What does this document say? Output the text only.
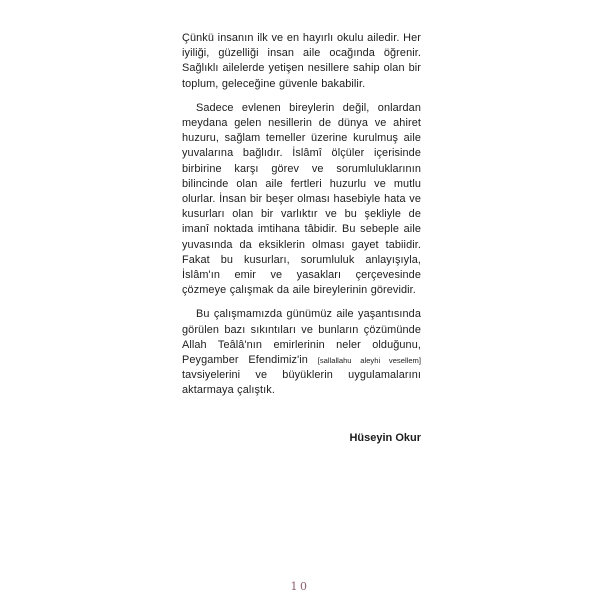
Çünkü insanın ilk ve en hayırlı okulu ailedir. Her iyiliği, güzelliği insan aile ocağında öğrenir. Sağlıklı ailelerde yetişen nesillere sahip olan bir toplum, geleceğine güvenle bakabilir.

Sadece evlenen bireylerin değil, onlardan meydana gelen nesillerin de dünya ve ahiret huzuru, sağlam temeller üzerine kurulmuş aile yuvalarına bağlıdır. İslâmî ölçüler içerisinde birbirine karşı görev ve sorumluluklarının bilincinde olan aile fertleri huzurlu ve mutlu olurlar. İnsan bir beşer olması hasebiyle hata ve kusurları olan bir varlıktır ve bu şekliyle de imanî noktada imtihana tâbidir. Bu sebeple aile yuvasında da eksiklerin olması gayet tabiidir. Fakat bu kusurları, sorumluluk anlayışıyla, İslâm'ın emir ve yasakları çerçevesinde çözmeye çalışmak da aile bireylerinin görevidir.

Bu çalışmamızda günümüz aile yaşantısında görülen bazı sıkıntıları ve bunların çözümünde Allah Teâlâ'nın emirlerinin neler olduğunu, Peygamber Efendimiz'in [sallallahu aleyhi vesellem] tavsiyelerini ve büyüklerin uygulamalarını aktarmaya çalıştık.

Hüseyin Okur
10
